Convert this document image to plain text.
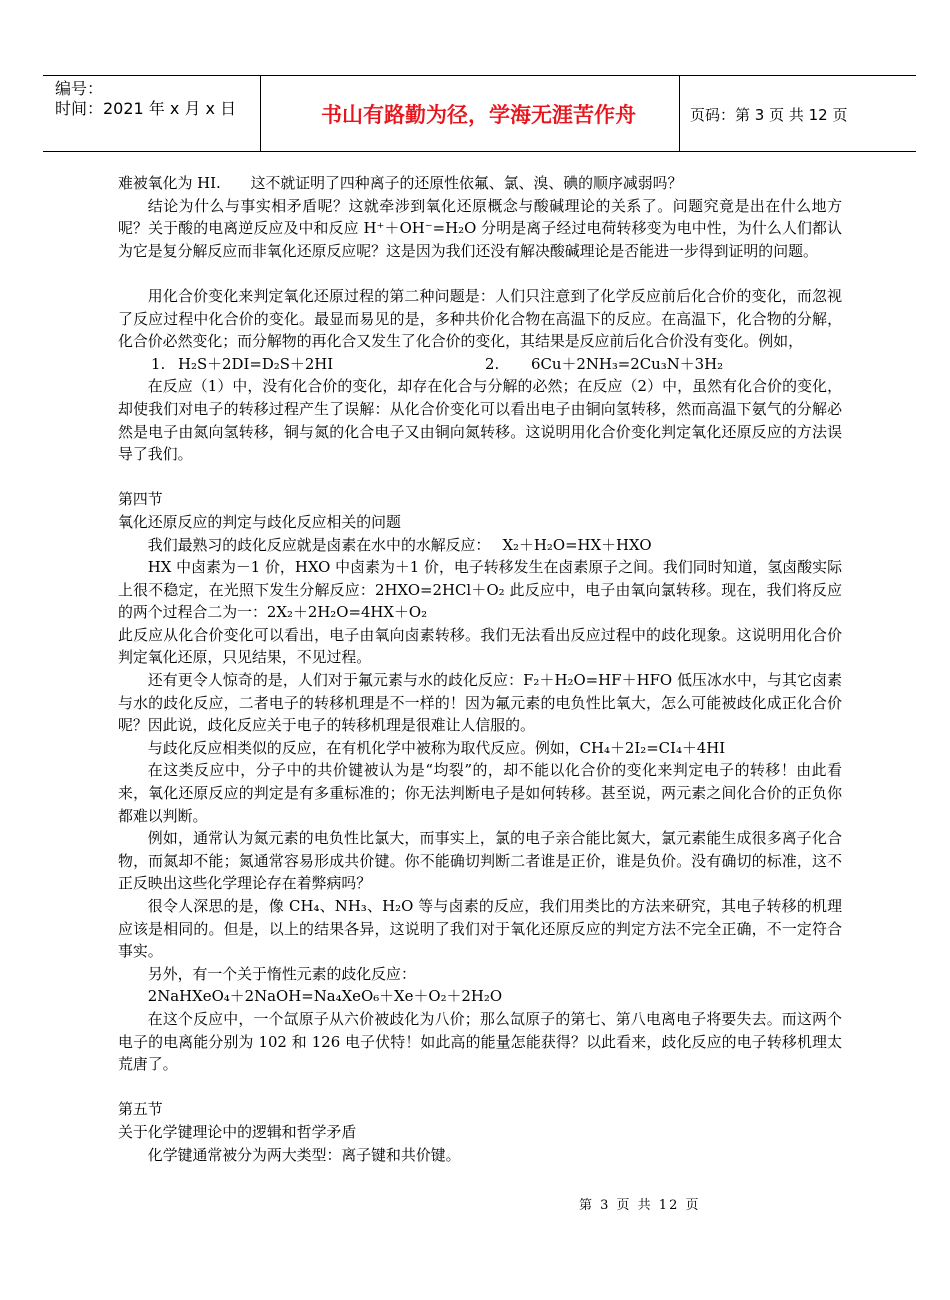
编号：
时间：2021 年 x 月 x 日	书山有路勤为径，学海无涯苦作舟	页码：第 3 页 共 12 页

难被氧化为 HI.　　这不就证明了四种离子的还原性依氟、氯、溴、碘的顺序减弱吗？

结论为什么与事实相矛盾呢？这就牵涉到氧化还原概念与酸碱理论的关系了。问题究竟是出在什么地方呢？关于酸的电离逆反应及中和反应 H⁺＋OH⁻=H₂O 分明是离子经过电荷转移变为电中性，为什么人们都认为它是复分解反应而非氧化还原反应呢？这是因为我们还没有解决酸碱理论是否能进一步得到证明的问题。

用化合价变化来判定氧化还原过程的第二种问题是：人们只注意到了化学反应前后化合价的变化，而忽视了反应过程中化合价的变化。最显而易见的是，多种共价化合物在高温下的反应。在高温下，化合物的分解，化合价必然变化；而分解物的再化合又发生了化合价的变化，其结果是反应前后化合价没有变化。例如，

1. H₂S＋2DI=D₂S＋2HI	2. 6Cu＋2NH₃=2Cu₃N＋3H₂

在反应（1）中，没有化合价的变化，却存在化合与分解的必然；在反应（2）中，虽然有化合价的变化，却使我们对电子的转移过程产生了误解：从化合价变化可以看出电子由铜向氢转移，然而高温下氨气的分解必然是电子由氮向氢转移，铜与氮的化合电子又由铜向氮转移。这说明用化合价变化判定氧化还原反应的方法误导了我们。

第四节

氧化还原反应的判定与歧化反应相关的问题

我们最熟习的歧化反应就是卤素在水中的水解反应：　 X₂＋H₂O=HX＋HXO

HX 中卤素为－1 价，HXO 中卤素为＋1 价，电子转移发生在卤素原子之间。我们同时知道，氢卤酸实际上很不稳定，在光照下发生分解反应：2HXO=2HCl＋O₂ 此反应中，电子由氧向氯转移。现在，我们将反应的两个过程合二为一：2X₂＋2H₂O=4HX＋O₂

此反应从化合价变化可以看出，电子由氧向卤素转移。我们无法看出反应过程中的歧化现象。这说明用化合价判定氧化还原，只见结果，不见过程。

还有更令人惊奇的是，人们对于氟元素与水的歧化反应：F₂＋H₂O=HF＋HFO 低压冰水中，与其它卤素与水的歧化反应，二者电子的转移机理是不一样的！因为氟元素的电负性比氧大，怎么可能被歧化成正化合价呢？因此说，歧化反应关于电子的转移机理是很难让人信服的。

与歧化反应相类似的反应，在有机化学中被称为取代反应。例如，CH₄＋2I₂=CI₄＋4HI

在这类反应中，分子中的共价键被认为是“均裂”的，却不能以化合价的变化来判定电子的转移！由此看来，氧化还原反应的判定是有多重标准的；你无法判断电子是如何转移。甚至说，两元素之间化合价的正负你都难以判断。

例如，通常认为氮元素的电负性比氯大，而事实上，氯的电子亲合能比氮大，氯元素能生成很多离子化合物，而氮却不能；氮通常容易形成共价键。你不能确切判断二者谁是正价，谁是负价。没有确切的标准，这不正反映出这些化学理论存在着弊病吗？

很令人深思的是，像 CH₄、NH₃、H₂O 等与卤素的反应，我们用类比的方法来研究，其电子转移的机理应该是相同的。但是，以上的结果各异，这说明了我们对于氧化还原反应的判定方法不完全正确，不一定符合事实。

另外，有一个关于惰性元素的歧化反应：

2NaHXeO₄＋2NaOH=Na₄XeO₆＋Xe＋O₂＋2H₂O

在这个反应中，一个氙原子从六价被歧化为八价；那么氙原子的第七、第八电离电子将要失去。而这两个电子的电离能分别为 102 和 126 电子伏特！如此高的能量怎能获得？以此看来，歧化反应的电子转移机理太荒唐了。

第五节

关于化学键理论中的逻辑和哲学矛盾

化学键通常被分为两大类型：离子键和共价键。

第 3 页 共 12 页
